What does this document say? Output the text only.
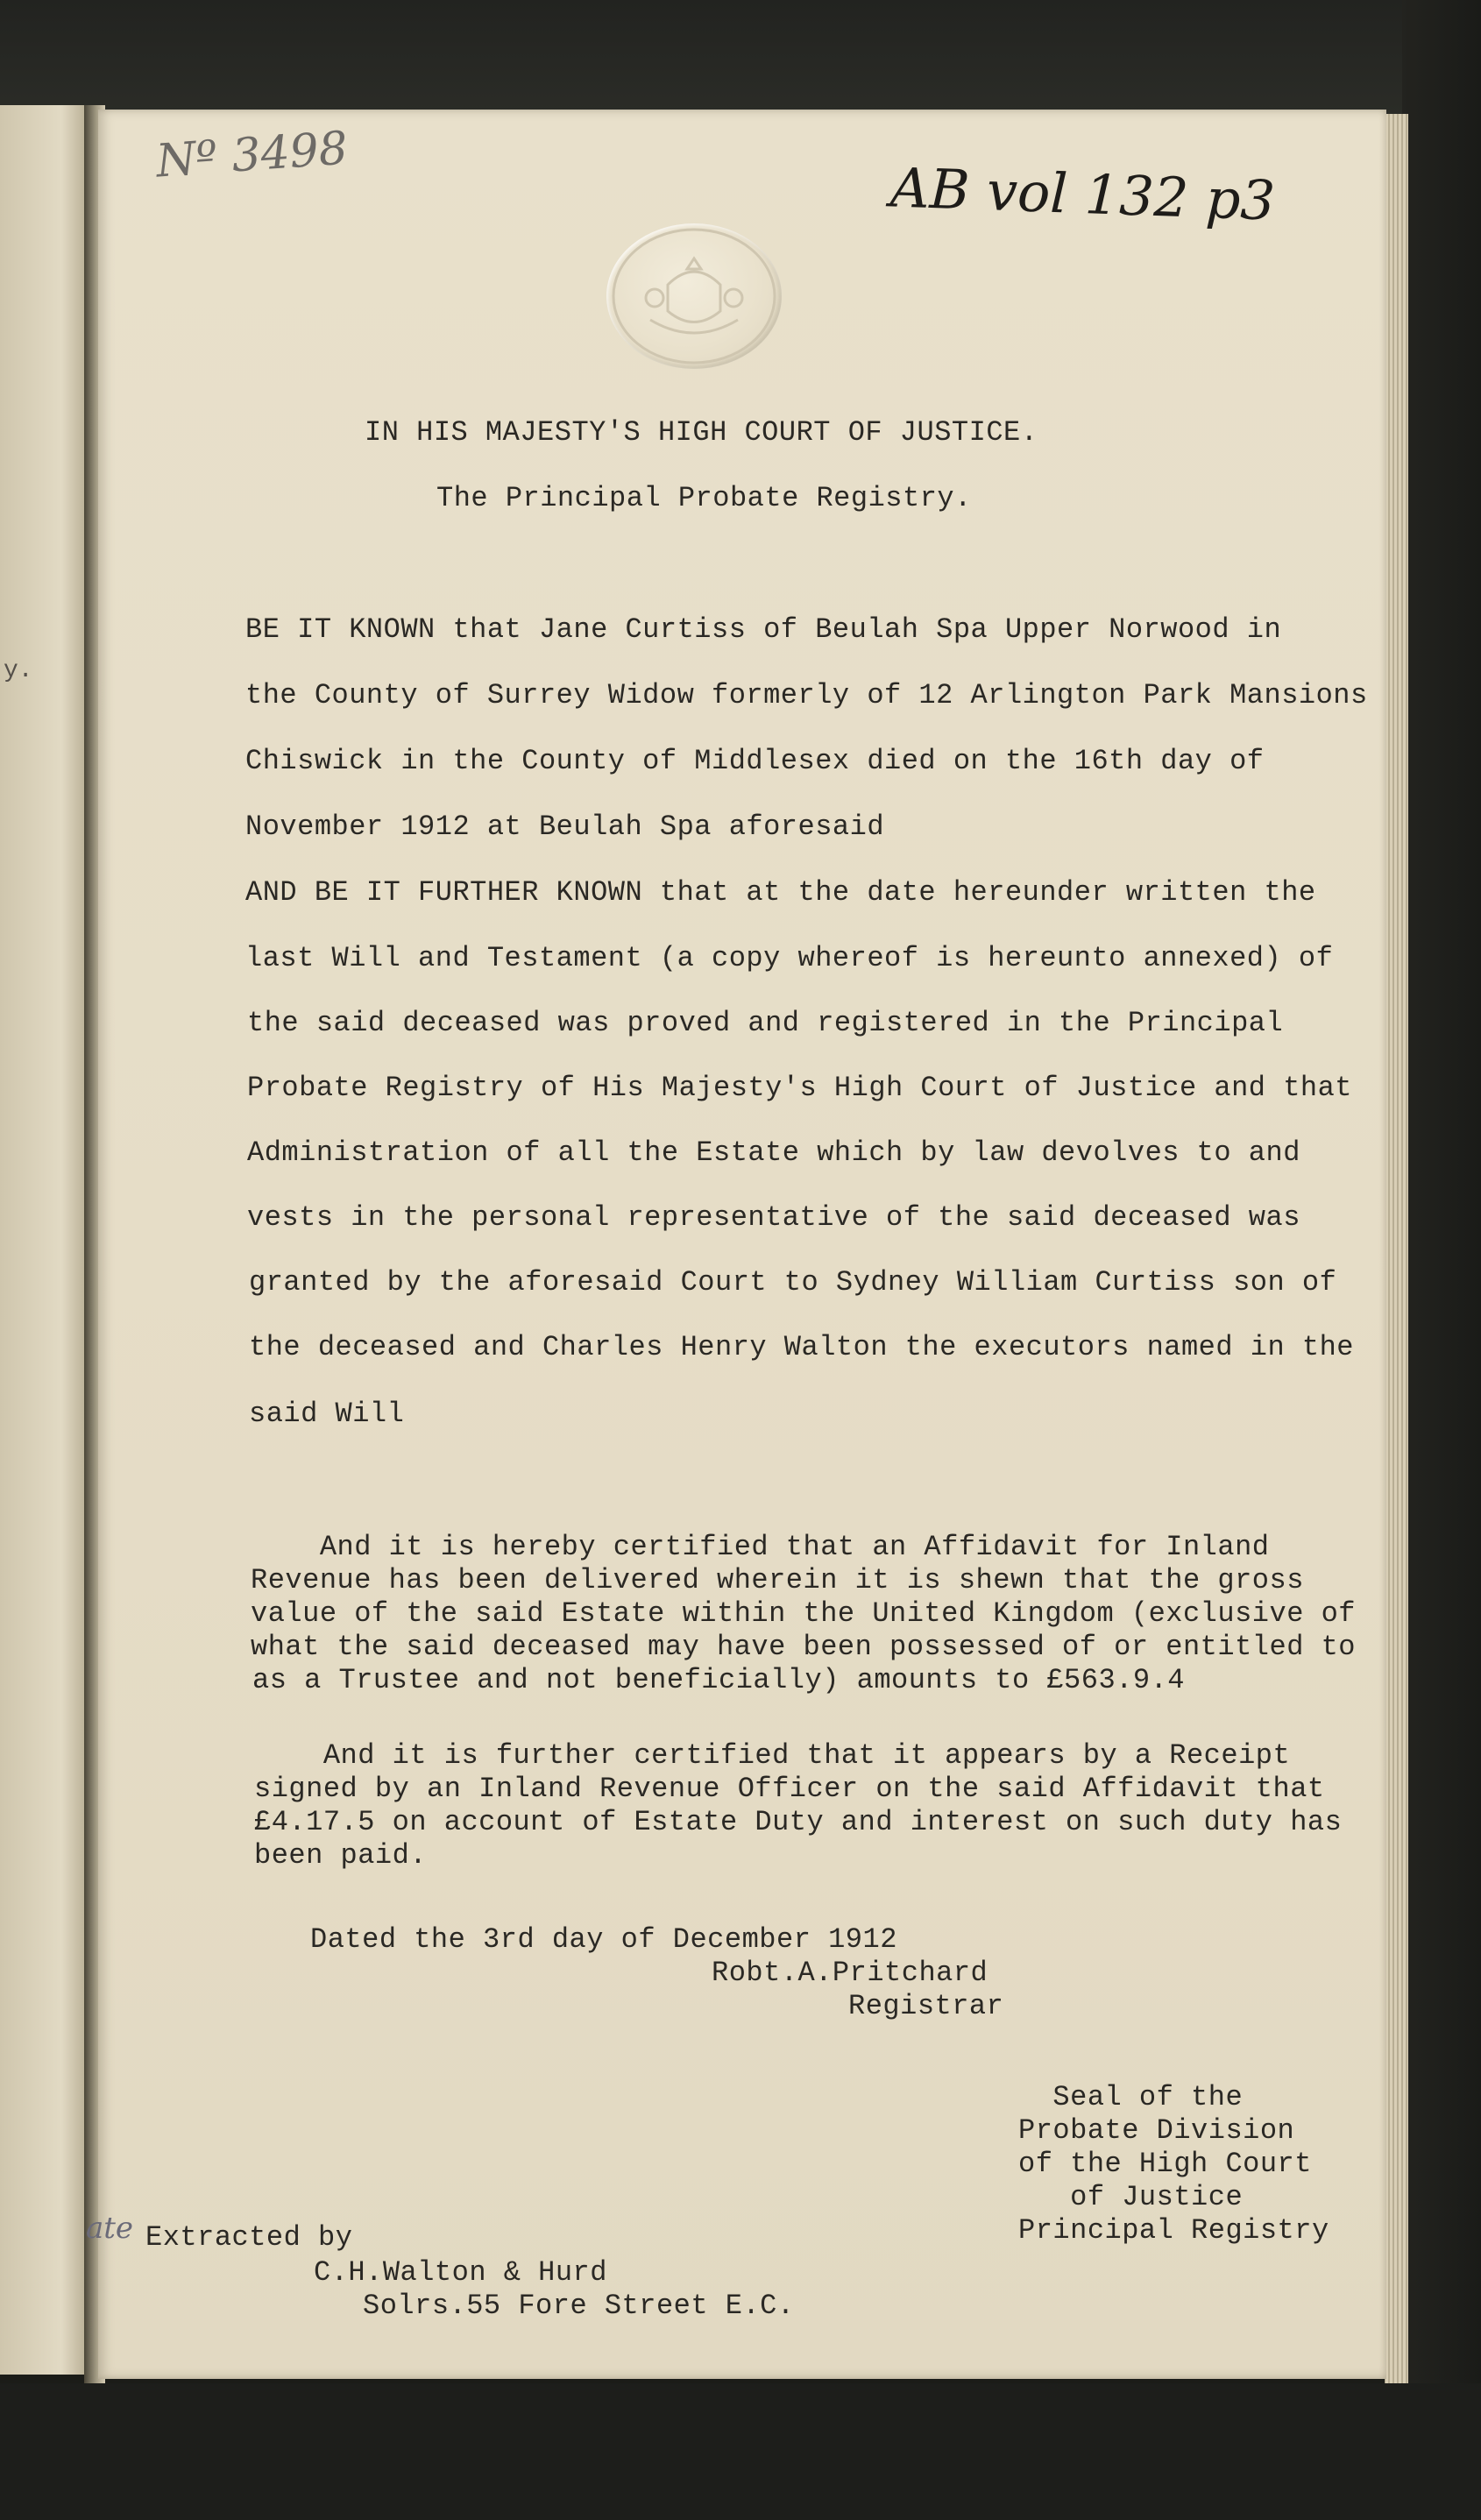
y.
Nº 3498
AB vol 132 p3
IN HIS MAJESTY'S HIGH COURT OF JUSTICE.
The Principal Probate Registry.
BE IT KNOWN that Jane Curtiss of Beulah Spa Upper Norwood in
the County of Surrey Widow formerly of 12 Arlington Park Mansions
Chiswick in the County of Middlesex died on the 16th day of
November 1912 at Beulah Spa aforesaid
AND BE IT FURTHER KNOWN that at the date hereunder written the
last Will and Testament (a copy whereof is hereunto annexed) of
the said deceased was proved and registered in the Principal
Probate Registry of His Majesty's High Court of Justice and that
Administration of all the Estate which by law devolves to and
vests in the personal representative of the said deceased was
granted by the aforesaid Court to Sydney William Curtiss son of
the deceased and Charles Henry Walton the executors named in the
said Will
And it is hereby certified that an Affidavit for Inland
Revenue has been delivered wherein it is shewn that the gross
value of the said Estate within the United Kingdom (exclusive of
what the said deceased may have been possessed of or entitled to
as a Trustee and not beneficially) amounts to £563.9.4
And it is further certified that it appears by a Receipt
signed by an Inland Revenue Officer on the said Affidavit that
£4.17.5 on account of Estate Duty and interest on such duty has
been paid.
Dated the 3rd day of December 1912
Robt.A.Pritchard
Registrar
Seal of the
Probate Division
of the High Court
of Justice
Principal Registry
ate Extracted by
C.H.Walton & Hurd
Solrs.55 Fore Street E.C.
